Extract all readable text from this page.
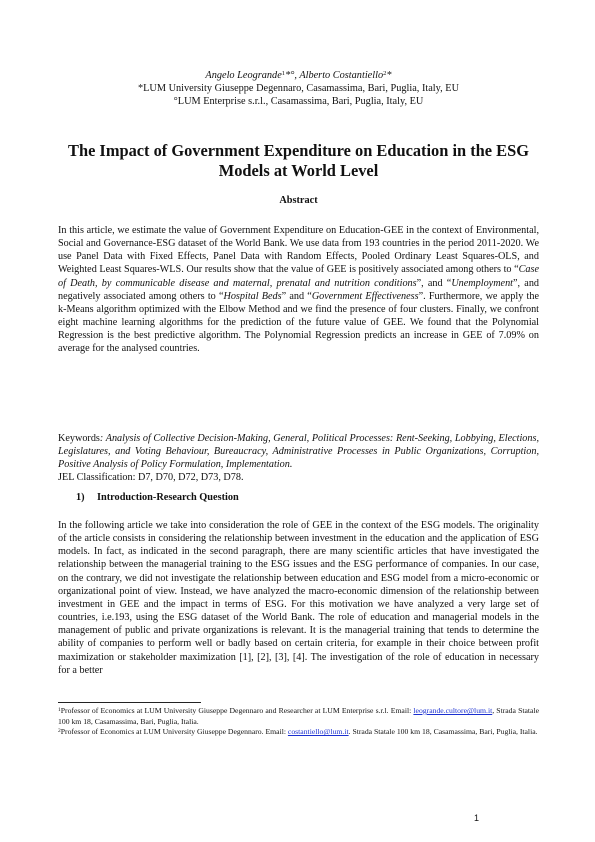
Angelo Leogrande$^1$*°, Alberto Costantiello$^2$*
*LUM University Giuseppe Degennaro, Casamassima, Bari, Puglia, Italy, EU
°LUM Enterprise s.r.l., Casamassima, Bari, Puglia, Italy, EU
The Impact of Government Expenditure on Education in the ESG Models at World Level
Abstract

In this article, we estimate the value of Government Expenditure on Education-GEE in the context of Environmental, Social and Governance-ESG dataset of the World Bank. We use data from 193 countries in the period 2011-2020. We use Panel Data with Fixed Effects, Panel Data with Random Effects, Pooled Ordinary Least Squares-OLS, and Weighted Least Squares-WLS. Our results show that the value of GEE is positively associated among others to “Case of Death, by communicable disease and maternal, prenatal and nutrition conditions”, and “Unemployment”, and negatively associated among others to “Hospital Beds” and “Government Effectiveness”. Furthermore, we apply the k-Means algorithm optimized with the Elbow Method and we find the presence of four clusters. Finally, we confront eight machine learning algorithms for the prediction of the future value of GEE. We found that the Polynomial Regression is the best predictive algorithm. The Polynomial Regression predicts an increase in GEE of 7.09% on average for the analysed countries.

Keywords: Analysis of Collective Decision-Making, General, Political Processes: Rent-Seeking, Lobbying, Elections, Legislatures, and Voting Behaviour, Bureaucracy, Administrative Processes in Public Organizations, Corruption, Positive Analysis of Policy Formulation, Implementation.

JEL Classification: D7, D70, D72, D73, D78.

1) Introduction-Research Question

In the following article we take into consideration the role of GEE in the context of the ESG models. The originality of the article consists in considering the relationship between investment in the education and the application of ESG models. In fact, as indicated in the second paragraph, there are many scientific articles that have investigated the relationship between the managerial training to the ESG issues and the ESG performance of companies. In our case, on the contrary, we did not investigate the relationship between education and ESG model from a micro-economic or organizational point of view. Instead, we have analyzed the macro-economic dimension of the relationship between investment in GEE and the impact in terms of ESG. For this motivation we have analyzed a very large set of countries, i.e.193, using the ESG dataset of the World Bank. The role of education and managerial models in the management of public and private organizations is relevant. It is the managerial training that tends to determine the ability of companies to perform well or badly based on certain criteria, for example in their choice between profit maximization or stakeholder maximization [1], [2], [3], [4]. The investigation of the role of education in necessary for a better

$^1$Professor of Economics at LUM University Giuseppe Degennaro and Researcher at LUM Enterprise s.r.l. Email: leogrande.cultore@lum.it, Strada Statale 100 km 18, Casamassima, Bari, Puglia, Italia.

$^2$Professor of Economics at LUM University Giuseppe Degennaro. Email: costantiello@lum.it. Strada Statale 100 km 18, Casamassima, Bari, Puglia, Italia.

1
